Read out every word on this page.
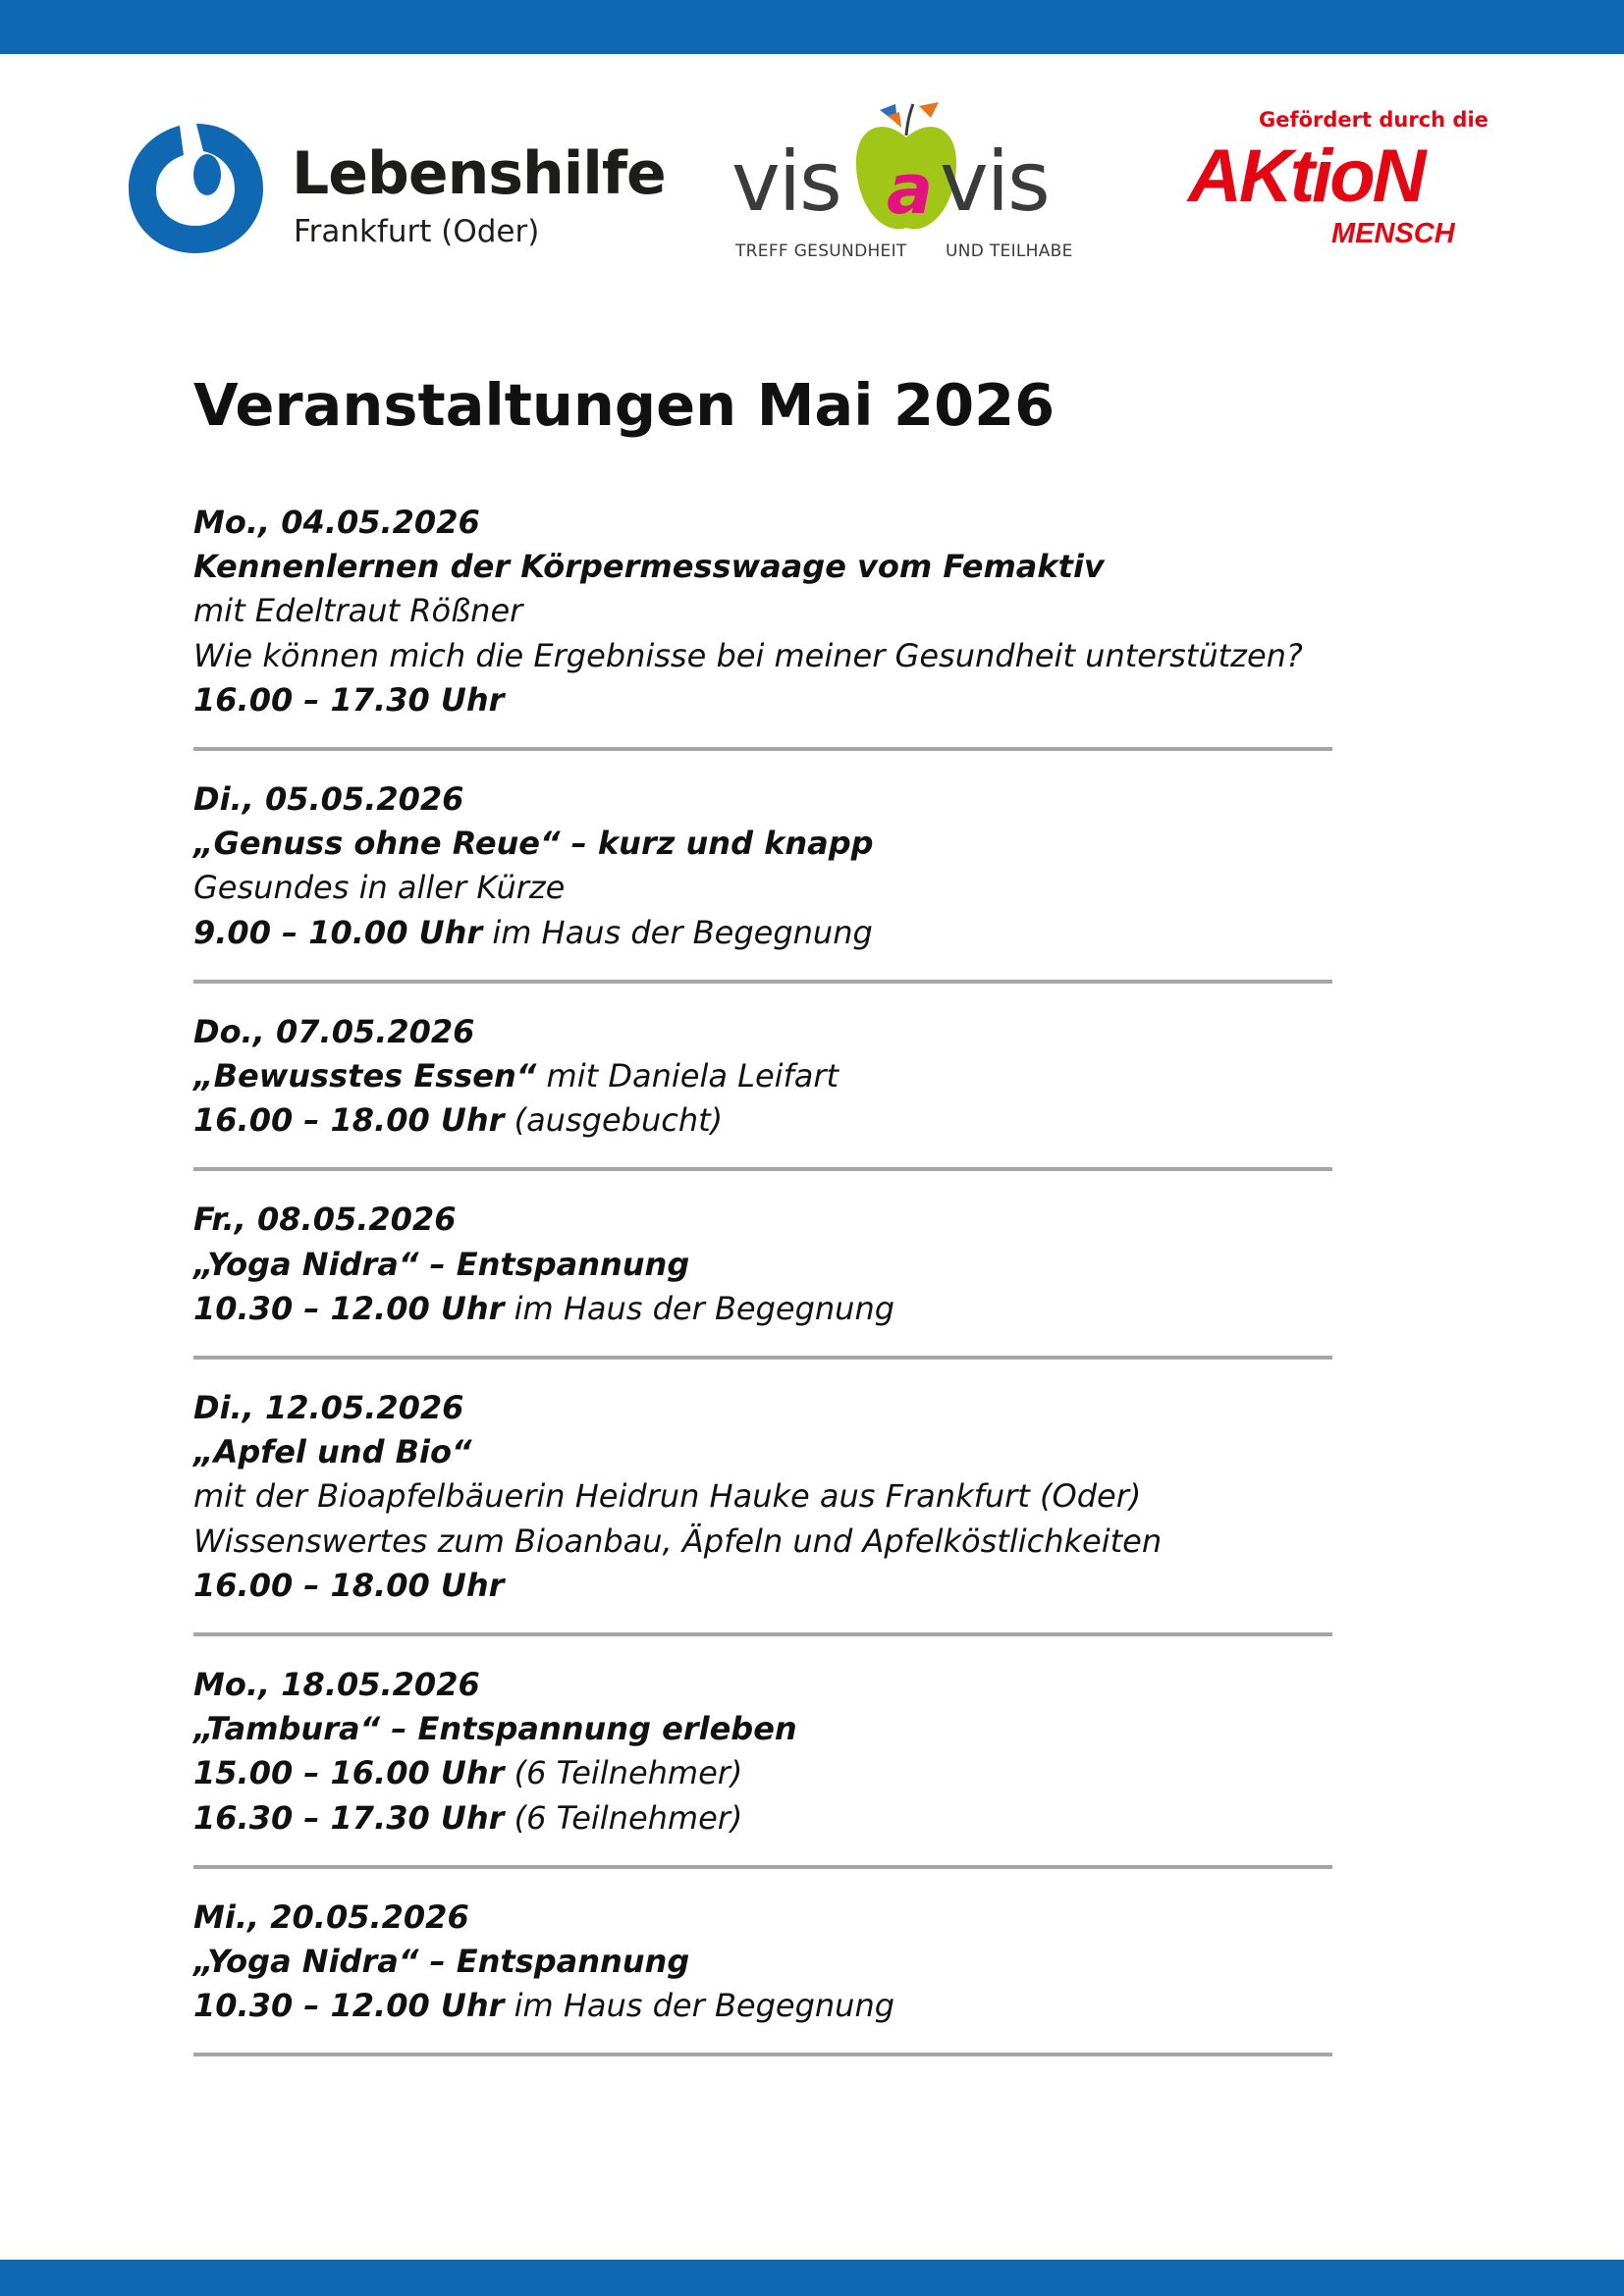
Lebenshilfe
Frankfurt (Oder)
vis a vis
TREFF GESUNDHEIT UND TEILHABE
Gefördert durch die
AKtioN
MENSCH
Veranstaltungen Mai 2026
Mo., 04.05.2026
Kennenlernen der Körpermesswaage vom Femaktiv
mit Edeltraut Rößner
Wie können mich die Ergebnisse bei meiner Gesundheit unterstützen?
16.00 – 17.30 Uhr
Di., 05.05.2026
„Genuss ohne Reue“ – kurz und knapp
Gesundes in aller Kürze
9.00 – 10.00 Uhr im Haus der Begegnung
Do., 07.05.2026
„Bewusstes Essen“ mit Daniela Leifart
16.00 – 18.00 Uhr (ausgebucht)
Fr., 08.05.2026
„Yoga Nidra“ – Entspannung
10.30 – 12.00 Uhr im Haus der Begegnung
Di., 12.05.2026
„Apfel und Bio“
mit der Bioapfelbäuerin Heidrun Hauke aus Frankfurt (Oder)
Wissenswertes zum Bioanbau, Äpfeln und Apfelköstlichkeiten
16.00 – 18.00 Uhr
Mo., 18.05.2026
„Tambura“ – Entspannung erleben
15.00 – 16.00 Uhr (6 Teilnehmer)
16.30 – 17.30 Uhr (6 Teilnehmer)
Mi., 20.05.2026
„Yoga Nidra“ – Entspannung
10.30 – 12.00 Uhr im Haus der Begegnung
